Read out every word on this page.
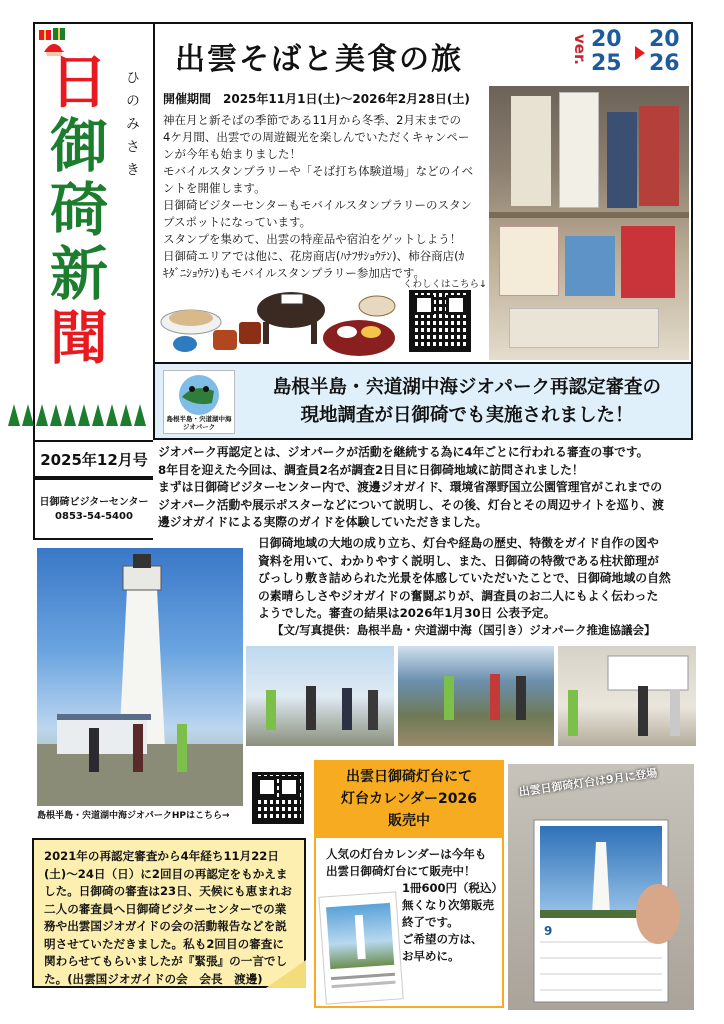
日
御
碕
新
聞
ひのみさき
2025年12月号
日御碕ビジターセンター
0853-54-5400
出雲そばと美食の旅	ver. 20
25
20
26
開催期間　2025年11月1日(土)～2026年2月28日(土)
神在月と新そばの季節である11月から冬季、2月末までの
4ケ月間、出雲での周遊観光を楽しんでいただくキャンペー
ンが今年も始まりました！
モバイルスタンプラリーや「そば打ち体験道場」などのイベ
ントを開催します。
日御碕ビジターセンターもモバイルスタンプラリーのスタン
プスポットになっています。
スタンプを集めて、出雲の特産品や宿泊をゲットしよう！
日御碕エリアでは他に、花房商店(ﾊﾅﾌｻｼｮｳﾃﾝ)、柿谷商店(ｶ
ｷﾀﾞﾆｼｮｳﾃﾝ)もモバイルスタンプラリー参加店です。
くわしくはこちら↓
島根半島・宍道湖中海
ジオパーク
島根半島・宍道湖中海ジオパーク再認定審査の
現地調査が日御碕でも実施されました！
ジオパーク再認定とは、ジオパークが活動を継続する為に4年ごとに行われる審査の事です。
8年目を迎えた今回は、調査員2名が調査2日目に日御碕地域に訪問されました！
まずは日御碕ビジターセンター内で、渡邊ジオガイド、環境省澤野国立公園管理官がこれまでの
ジオパーク活動や展示ポスターなどについて説明し、その後、灯台とその周辺サイトを巡り、渡
邊ジオガイドによる実際のガイドを体験していただきました。
日御碕地域の大地の成り立ち、灯台や経島の歴史、特徴をガイド自作の図や
資料を用いて、わかりやすく説明し、また、日御碕の特徴である柱状節理が
びっしり敷き詰められた光景を体感していただいたことで、日御碕地域の自然
の素晴らしさやジオガイドの奮闘ぶりが、調査員のお二人にもよく伝わった
ようでした。審査の結果は2026年1月30日 公表予定。
【文/写真提供：島根半島・宍道湖中海（国引き）ジオパーク推進協議会】
島根半島・宍道湖中海ジオパークHPはこちら→
出雲日御碕灯台にて
灯台カレンダー2026
販売中
人気の灯台カレンダーは今年も
出雲日御碕灯台にて販売中！
1冊600円（税込）
無くなり次第販売
終了です。
ご希望の方は、
お早めに。
出雲日御碕灯台は9月に登場
9
2021年の再認定審査から4年経ち11月22日(土)～24日（日）に2回目の再認定をもかえました。日御碕の審査は23日、天候にも恵まれお二人の審査員へ日御碕ビジターセンターでの業務や出雲国ジオガイドの会の活動報告などを説明させていただきました。私も2回目の審査に関わらせてもらいましたが『緊張』の一言でした。(出雲国ジオガイドの会　会長　渡邊)
